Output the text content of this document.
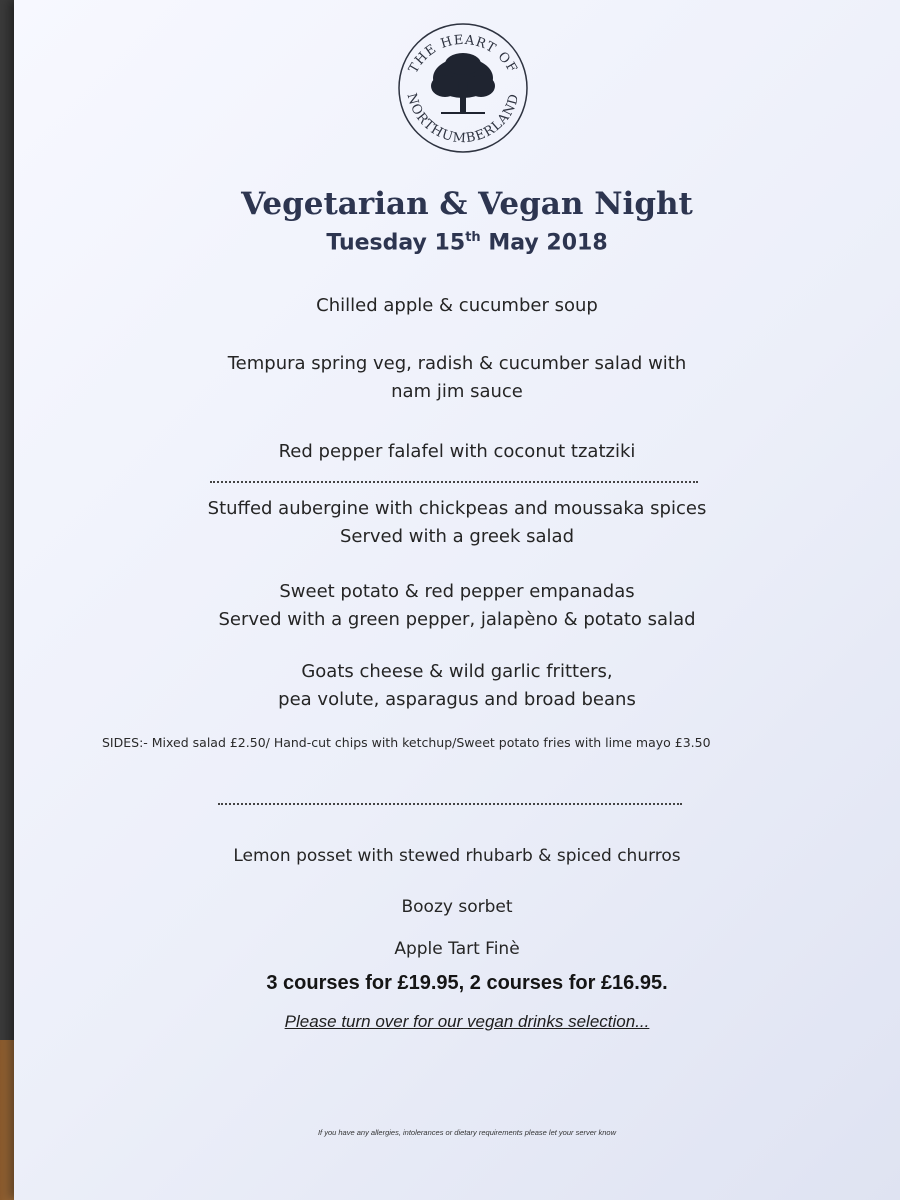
THE HEART OF
NORTHUMBERLAND
Vegetarian & Vegan Night
Tuesday 15th May 2018
Chilled apple & cucumber soup
Tempura spring veg, radish & cucumber salad with
nam jim sauce
Red pepper falafel with coconut tzatziki
Stuffed auberginе with chickpeas and moussaka spices
Served with a greek salad
Sweet potato & red pepper empanadas
Served with a green pepper, jalapèno & potato salad
Goats cheese & wild garlic fritters,
pea volute, asparagus and broad beans
SIDES:- Mixed salad £2.50/ Hand-cut chips with ketchup/Sweet potato fries with lime mayo £3.50
Lemon posset with stewed rhubarb & spiced churros
Boozy sorbet
Apple Tart Finè
3 courses for £19.95, 2 courses for £16.95.
Please turn over for our vegan drinks selection...
If you have any allergies, intolerances or dietary requirements please let your server know
